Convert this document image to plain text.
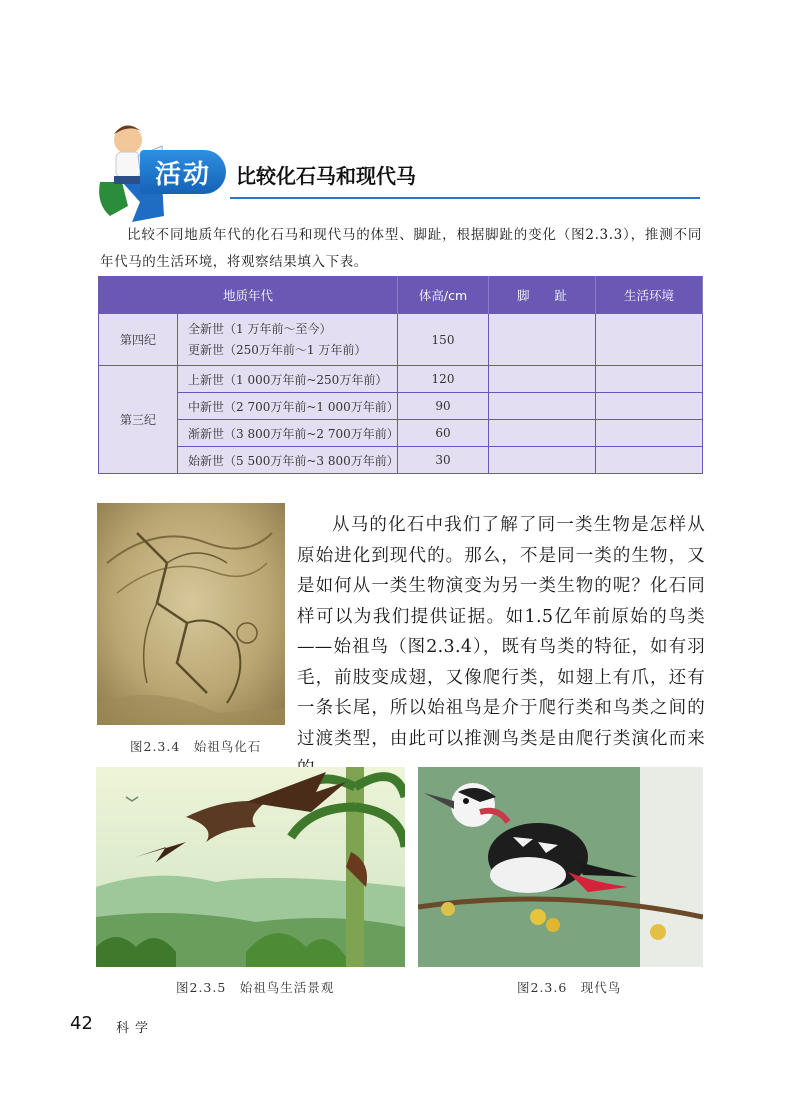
活动 比较化石马和现代马
比较不同地质年代的化石马和现代马的体型、脚趾，根据脚趾的变化（图2.3.3），推测不同年代马的生活环境，将观察结果填入下表。
地质年代		体高/cm	脚　　趾	生活环境
第四纪	全新世（1 万年前～至今）
更新世（250万年前～1 万年前）	150		
第三纪	上新世（1 000万年前~250万年前）	120		
	中新世（2 700万年前~1 000万年前）	90		
	渐新世（3 800万年前~2 700万年前）	60		
	始新世（5 500万年前~3 800万年前）	30		
从马的化石中我们了解了同一类生物是怎样从原始进化到现代的。那么，不是同一类的生物，又是如何从一类生物演变为另一类生物的呢？化石同样可以为我们提供证据。如1.5亿年前原始的鸟类——始祖鸟（图2.3.4），既有鸟类的特征，如有羽毛，前肢变成翅，又像爬行类，如翅上有爪，还有一条长尾，所以始祖鸟是介于爬行类和鸟类之间的过渡类型，由此可以推测鸟类是由爬行类演化而来
图2.3.4　始祖鸟化石
图2.3.5　始祖鸟生活景观	图2.3.6　现代鸟
42 科学
